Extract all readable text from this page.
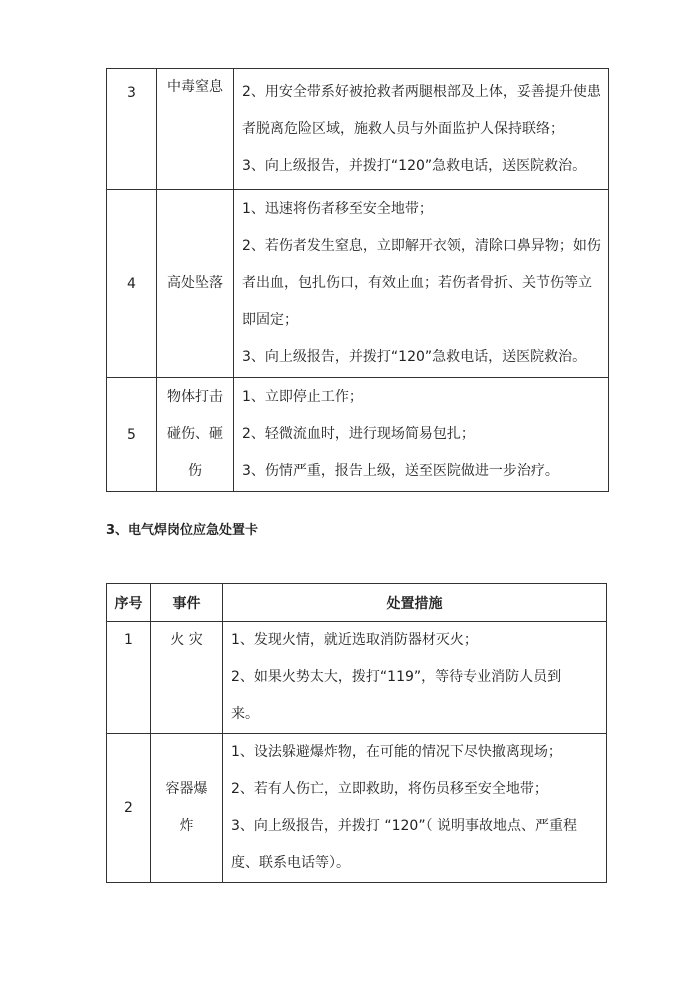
3	中毒窒息	2、用安全带系好被抢救者两腿根部及上体，妥善提升使患
者脱离危险区域，施救人员与外面监护人保持联络；
3、向上级报告，并拨打“120”急救电话，送医院救治。

4	高处坠落	1、迅速将伤者移至安全地带；
2、若伤者发生窒息，立即解开衣领，清除口鼻异物；如伤
者出血，包扎伤口，有效止血；若伤者骨折、关节伤等立
即固定；
3、向上级报告，并拨打“120”急救电话，送医院救治。

5	物体打击
碰伤、砸
伤	1、立即停止工作；
2、轻微流血时，进行现场简易包扎；
3、伤情严重，报告上级，送至医院做进一步治疗。
3、电气焊岗位应急处置卡
序号	事件	处置措施
1	火 灾	1、发现火情，就近选取消防器材灭火；
2、如果火势太大，拨打“119”，等待专业消防人员到
来。

2	容器爆
炸	1、设法躲避爆炸物，在可能的情况下尽快撤离现场；
2、若有人伤亡，立即救助，将伤员移至安全地带；
3、向上级报告，并拨打 “120”（ 说明事故地点、严重程
度、联系电话等）。
